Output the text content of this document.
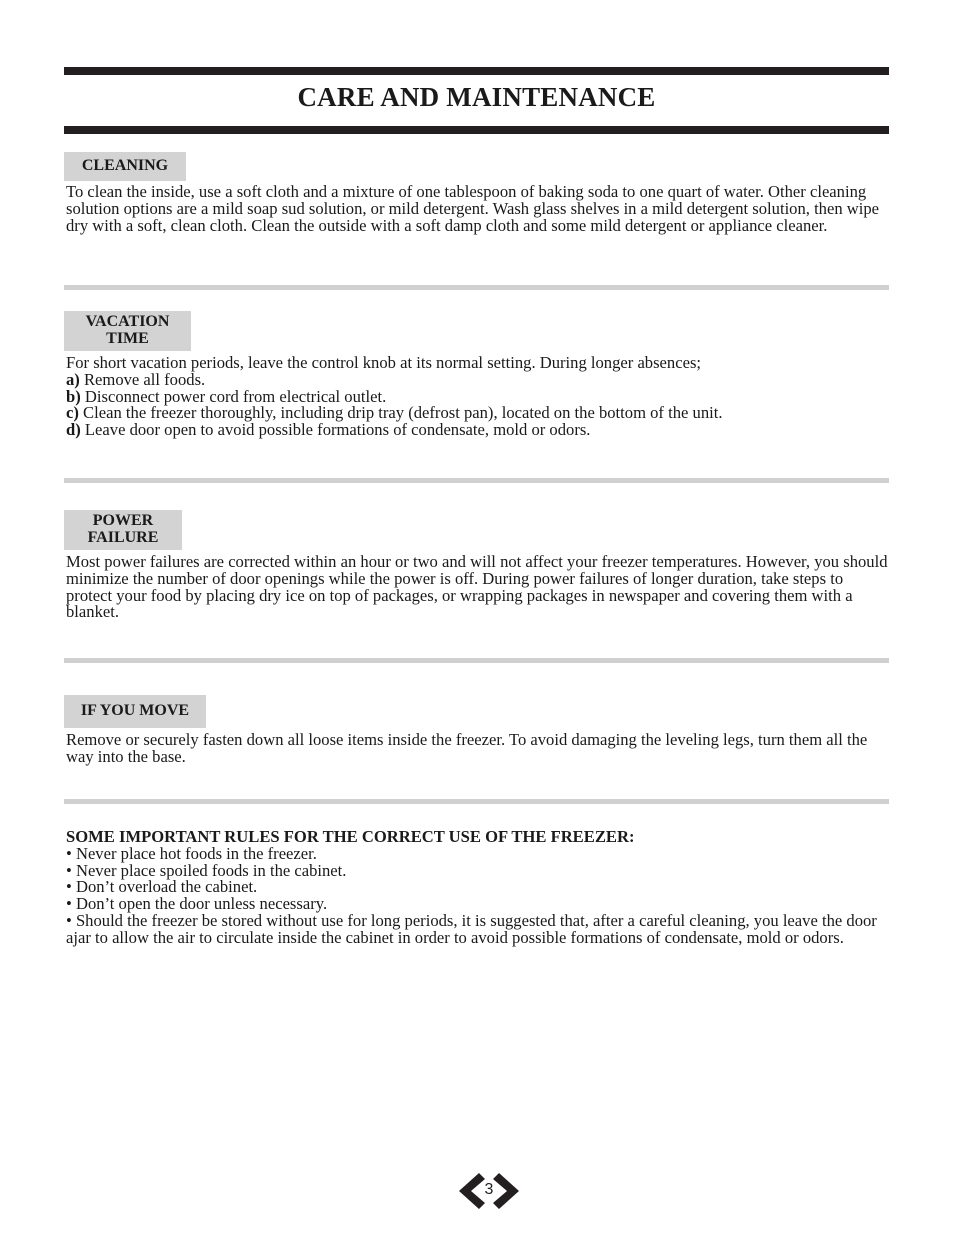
CARE AND MAINTENANCE
CLEANING

To clean the inside, use a soft cloth and a mixture of one tablespoon of baking soda to one quart of water. Other cleaning solution options are a mild soap sud solution, or mild detergent. Wash glass shelves in a mild detergent solution, then wipe dry with a soft, clean cloth. Clean the outside with a soft damp cloth and some mild detergent or appliance cleaner.

VACATION
TIME

For short vacation periods, leave the control knob at its normal setting. During longer absences;

a) Remove all foods.

b) Disconnect power cord from electrical outlet.

c) Clean the freezer thoroughly, including drip tray (defrost pan), located on the bottom of the unit.

d) Leave door open to avoid possible formations of condensate, mold or odors.

POWER
FAILURE

Most power failures are corrected within an hour or two and will not affect your freezer temperatures. However, you should minimize the number of door openings while the power is off. During power failures of longer duration, take steps to protect your food by placing dry ice on top of packages, or wrapping packages in newspaper and covering them with a blanket.

IF YOU MOVE

Remove or securely fasten down all loose items inside the freezer. To avoid damaging the leveling legs, turn them all the way into the base.

SOME IMPORTANT RULES FOR THE CORRECT USE OF THE FREEZER:

• Never place hot foods in the freezer.

• Never place spoiled foods in the cabinet.

• Don’t overload the cabinet.

• Don’t open the door unless necessary.

• Should the freezer be stored without use for long periods, it is suggested that, after a careful cleaning, you leave the door ajar to allow the air to circulate inside the cabinet in order to avoid possible formations of condensate, mold or odors.

3
